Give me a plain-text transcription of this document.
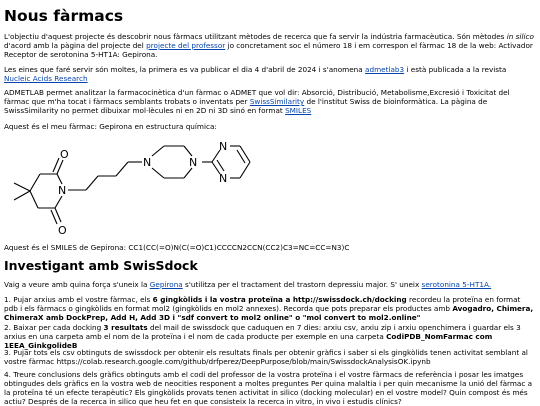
Nous fàrmacs

L'objectiu d'aquest projecte és descobrir nous fàrmacs utilitzant mètodes de recerca que fa servir la indústria farmacèutica. Són mètodes in silico d'acord amb la pàgina del projecte del projecte del professor jo concretament soc el número 18 i em correspon el fàrmac 18 de la web: Activador Receptor de serotonina 5-HT1A: Gepirona.

Les eines que faré servir són moltes, la primera es va publicar el dia 4 d'abril de 2024 i s'anomena admetlab3 i està publicada a la revista Nucleic Acids Research

ADMETLAB permet analitzar la farmacocinètica d'un fàrmac o ADMET que vol dir: Absorció, Distribució, Metabolisme,Excresió i Toxicitat del fàrmac que m'ha tocat i fàrmacs semblants trobats o inventats per SwissSimilarity de l'institut Swiss de bioinformàtica. La pàgina de SwissSimilarity no permet dibuixar mol·lècules ni en 2D ni 3D sinó en format SMILES

Aquest és el meu fàrmac: Gepirona en estructura química:

N
O
O
N	N
N
N

Aquest és el SMILES de Gepirona: CC1(CC(=O)N(C(=O)C1)CCCCN2CCN(CC2)C3=NC=CC=N3)C

Investigant amb SwisSdock

Vaig a veure amb quina força s'uneix la Gepirona s'utilitza per el tractament del trastorn depressiu major. S' uneix serotonina 5-HT1A.

1. Pujar arxius amb el vostre fàrmac, els 6 gingkòlids i la vostra proteïna a http://swissdock.ch/docking recordeu la proteïna en format pdb i els fàrmacs o gingkòlids en format mol2 (gingkòlids en mol2 annexes). Recorda que pots preparar els productes amb Avogadro, Chimera, ChimeraX amb DockPrep, Add H, Add 3D i "sdf convert to mol2 online" o "mol convert to mol2.online"

2. Baixar per cada docking 3 resultats del mail de swissdock que caduquen en 7 dies: arxiu csv, arxiu zip i arxiu openchimera i guardar els 3 arxius en una carpeta amb el nom de la proteïna i el nom de cada producte per exemple en una carpeta CodiPDB_NomFarmac com 1EEA_GinkgolideB

3. Pujar tots els csv obtinguts de swissdock per obtenir els resultats finals per obtenir gràfics i saber si els gingkòlids tenen activitat semblant al vostre fàrmac https://colab.research.google.com/github/drfperez/DeepPurpose/blob/main/SwissdockAnalysisOK.ipynb

4. Treure conclusions dels gràfics obtinguts amb el codi del professor de la vostra proteïna i el vostre fàrmacs de referència i posar les imatges obtingudes dels gràfics en la vostra web de neocities responent a moltes preguntes Per quina malaltia i per quin mecanisme la unió del fàrmac a la proteïna té un efecte terapèutic? Els gingkòlids provats tenen activitat in silico (docking molecular) en el vostre model? Quin compost és més actiu? Després de la recerca in silico que heu fet en que consisteix la recerca in vitro, in vivo i estudis clínics?
